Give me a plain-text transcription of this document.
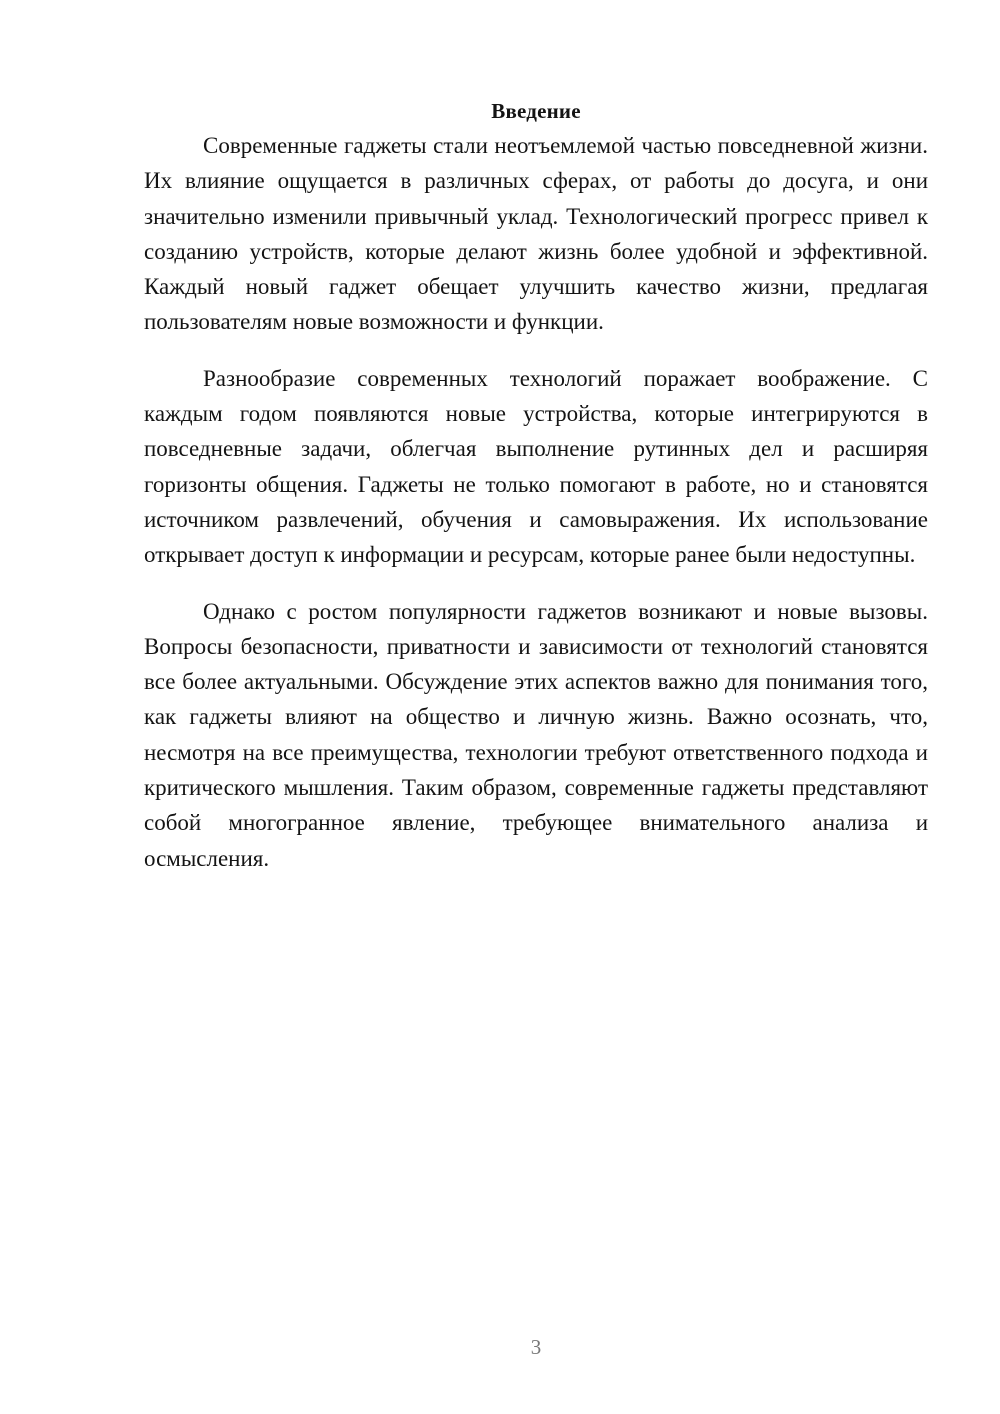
Введение

Современные гаджеты стали неотъемлемой частью повседневной жизни. Их влияние ощущается в различных сферах, от работы до досуга, и они значительно изменили привычный уклад. Технологический прогресс привел к созданию устройств, которые делают жизнь более удобной и эффективной. Каждый новый гаджет обещает улучшить качество жизни, предлагая пользователям новые возможности и функции.

Разнообразие современных технологий поражает воображение. С каждым годом появляются новые устройства, которые интегрируются в повседневные задачи, облегчая выполнение рутинных дел и расширяя горизонты общения. Гаджеты не только помогают в работе, но и становятся источником развлечений, обучения и самовыражения. Их использование открывает доступ к информации и ресурсам, которые ранее были недоступны.

Однако с ростом популярности гаджетов возникают и новые вызовы. Вопросы безопасности, приватности и зависимости от технологий становятся все более актуальными. Обсуждение этих аспектов важно для понимания того, как гаджеты влияют на общество и личную жизнь. Важно осознать, что, несмотря на все преимущества, технологии требуют ответственного подхода и критического мышления. Таким образом, современные гаджеты представляют собой многогранное явление, требующее внимательного анализа и осмысления.

3
